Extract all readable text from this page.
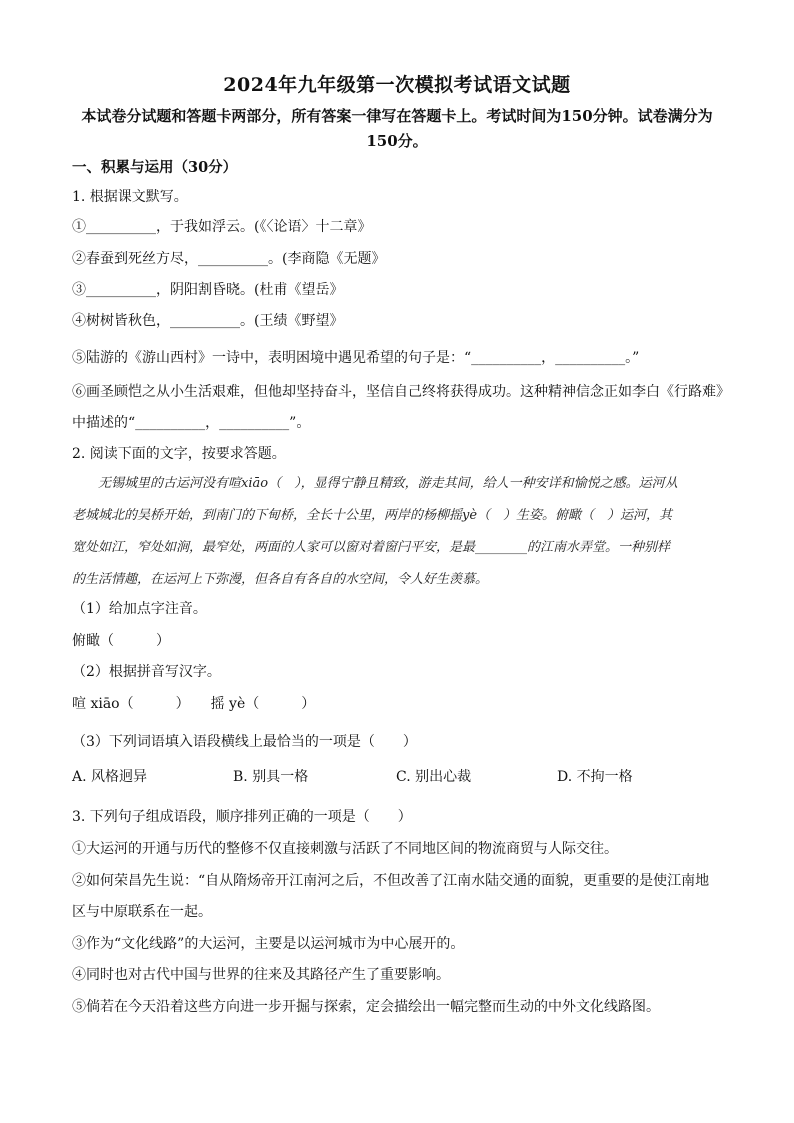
2024年九年级第一次模拟考试语文试题
本试卷分试题和答题卡两部分，所有答案一律写在答题卡上。考试时间为150分钟。试卷满分为150分。
一、积累与运用（30分）
1. 根据课文默写。
①__________，于我如浮云。(《〈论语〉十二章》
②春蚕到死丝方尽，__________。(李商隐《无题》
③__________，阴阳割昏晓。(杜甫《望岳》
④树树皆秋色，__________。(王绩《野望》
⑤陆游的《游山西村》一诗中，表明困境中遇见希望的句子是：“__________，__________。”
⑥画圣顾恺之从小生活艰难，但他却坚持奋斗，坚信自己终将获得成功。这种精神信念正如李白《行路难》
中描述的“__________，__________”。
2. 阅读下面的文字，按要求答题。

无锡城里的古运河没有喧xiāo（　），显得宁静且精致，游走其间，给人一种安详和愉悦之感。运河从

老城城北的吴桥开始，到南门的下甸桥，全长十公里，两岸的杨柳摇yè（　）生姿。俯瞰（　）运河，其

宽处如江，窄处如涧，最窄处，两面的人家可以窗对着窗闩平安，是最________的江南水弄堂。一种别样

的生活情趣，在运河上下弥漫，但各自有各自的水空间，令人好生羡慕。

（1）给加点字注音。
俯瞰（　　　）
（2）根据拼音写汉字。
喧 xiāo（　　　）　　摇 yè（　　　）
（3）下列词语填入语段横线上最恰当的一项是（　　）
A. 风格迥异	B. 别具一格	C. 别出心裁	D. 不拘一格
3. 下列句子组成语段，顺序排列正确的一项是（　　）
①大运河的开通与历代的整修不仅直接刺激与活跃了不同地区间的物流商贸与人际交往。
②如何荣昌先生说：“自从隋炀帝开江南河之后，不但改善了江南水陆交通的面貌，更重要的是使江南地
区与中原联系在一起。
③作为“文化线路”的大运河，主要是以运河城市为中心展开的。
④同时也对古代中国与世界的往来及其路径产生了重要影响。
⑤倘若在今天沿着这些方向进一步开掘与探索，定会描绘出一幅完整而生动的中外文化线路图。
